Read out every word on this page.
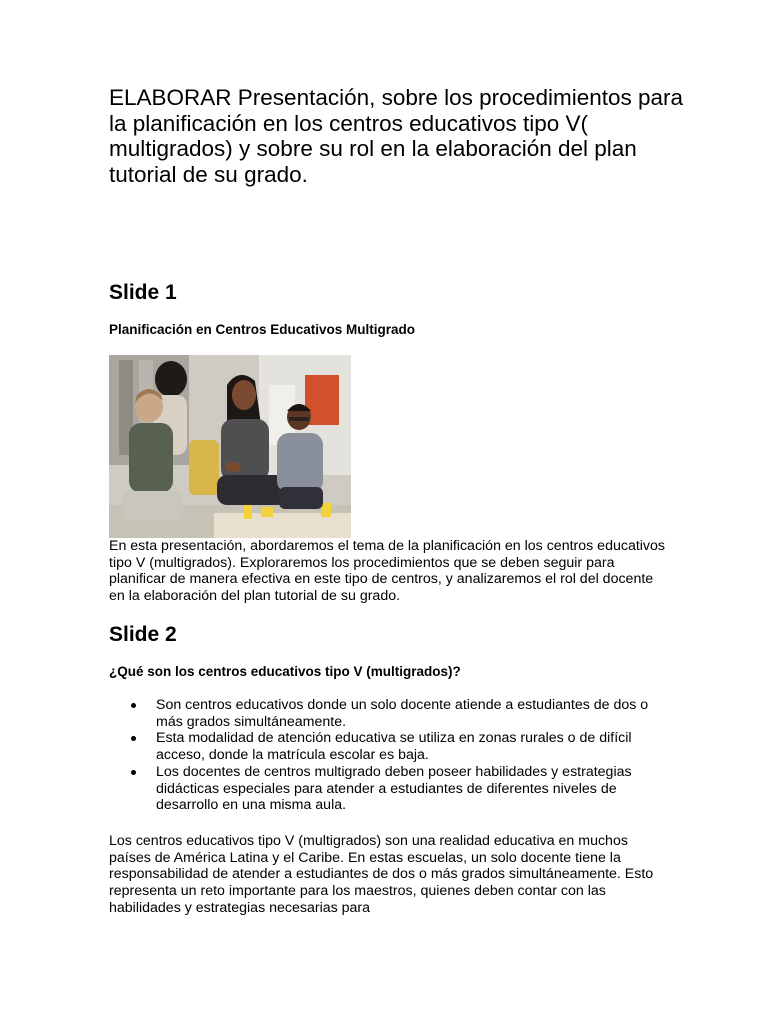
ELABORAR Presentación, sobre los procedimientos para la planificación en los centros educativos tipo V( multigrados) y sobre su rol en la elaboración del plan tutorial de su grado.
Slide 1
Planificación en Centros Educativos Multigrado

En esta presentación, abordaremos el tema de la planificación en los centros educativos tipo V (multigrados). Exploraremos los procedimientos que se deben seguir para planificar de manera efectiva en este tipo de centros, y analizaremos el rol del docente en la elaboración del plan tutorial de su grado.

Slide 2
¿Qué son los centros educativos tipo V (multigrados)?
Son centros educativos donde un solo docente atiende a estudiantes de dos o más grados simultáneamente.
Esta modalidad de atención educativa se utiliza en zonas rurales o de difícil acceso, donde la matrícula escolar es baja.
Los docentes de centros multigrado deben poseer habilidades y estrategias didácticas especiales para atender a estudiantes de diferentes niveles de desarrollo en una misma aula.

Los centros educativos tipo V (multigrados) son una realidad educativa en muchos países de América Latina y el Caribe. En estas escuelas, un solo docente tiene la responsabilidad de atender a estudiantes de dos o más grados simultáneamente. Esto representa un reto importante para los maestros, quienes deben contar con las habilidades y estrategias necesarias para
